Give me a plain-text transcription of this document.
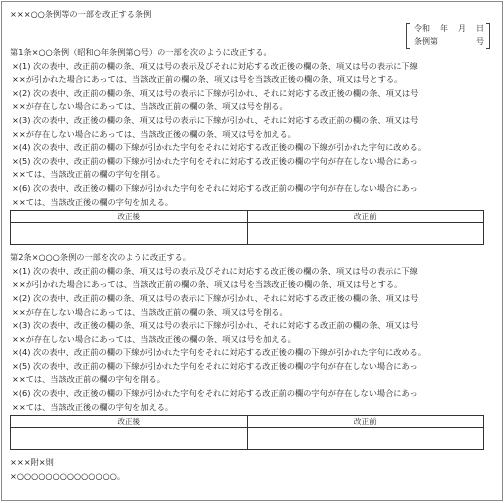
×××○○条例等の一部を改正する条例
令和 年 月 日
条例第	号
第1条×○○条例（昭和○年条例第○号）の一部を次のように改正する。
×(1) 次の表中、改正前の欄の条、項又は号の表示及びそれに対応する改正後の欄の条、項又は号の表示に下線
××が引かれた場合にあっては、当該改正前の欄の条、項又は号を当該改正後の欄の条、項又は号とする。
×(2) 次の表中、改正前の欄の条、項又は号の表示に下線が引かれ、それに対応する改正後の欄の条、項又は号
××が存在しない場合にあっては、当該改正前の欄の条、項又は号を削る。
×(3) 次の表中、改正後の欄の条、項又は号の表示に下線が引かれ、それに対応する改正前の欄の条、項又は号
××が存在しない場合にあっては、当該改正後の欄の条、項又は号を加える。
×(4) 次の表中、改正前の欄の下線が引かれた字句をそれに対応する改正後の欄の下線が引かれた字句に改める。
×(5) 次の表中、改正前の欄の下線が引かれた字句をそれに対応する改正後の欄の字句が存在しない場合にあっ
××ては、当該改正前の欄の字句を削る。
×(6) 次の表中、改正後の欄の下線が引かれた字句をそれに対応する改正前の欄の字句が存在しない場合にあっ
××ては、当該改正後の欄の字句を加える。
改正後	改正前

第2条×○○○条例の一部を次のように改正する。
×(1) 次の表中、改正前の欄の条、項又は号の表示及びそれに対応する改正後の欄の条、項又は号の表示に下線
××が引かれた場合にあっては、当該改正前の欄の条、項又は号を当該改正後の欄の条、項又は号とする。
×(2) 次の表中、改正前の欄の条、項又は号の表示に下線が引かれ、それに対応する改正後の欄の条、項又は号
××が存在しない場合にあっては、当該改正前の欄の条、項又は号を削る。
×(3) 次の表中、改正後の欄の条、項又は号の表示に下線が引かれ、それに対応する改正前の欄の条、項又は号
××が存在しない場合にあっては、当該改正後の欄の条、項又は号を加える。
×(4) 次の表中、改正前の欄の下線が引かれた字句をそれに対応する改正後の欄の下線が引かれた字句に改める。
×(5) 次の表中、改正前の欄の下線が引かれた字句をそれに対応する改正後の欄の字句が存在しない場合にあっ
××ては、当該改正前の欄の字句を削る。
×(6) 次の表中、改正後の欄の下線が引かれた字句をそれに対応する改正前の欄の字句が存在しない場合にあっ
××ては、当該改正後の欄の字句を加える。
改正後	改正前

×××附×則
×○○○○○○○○○○○○○○。
